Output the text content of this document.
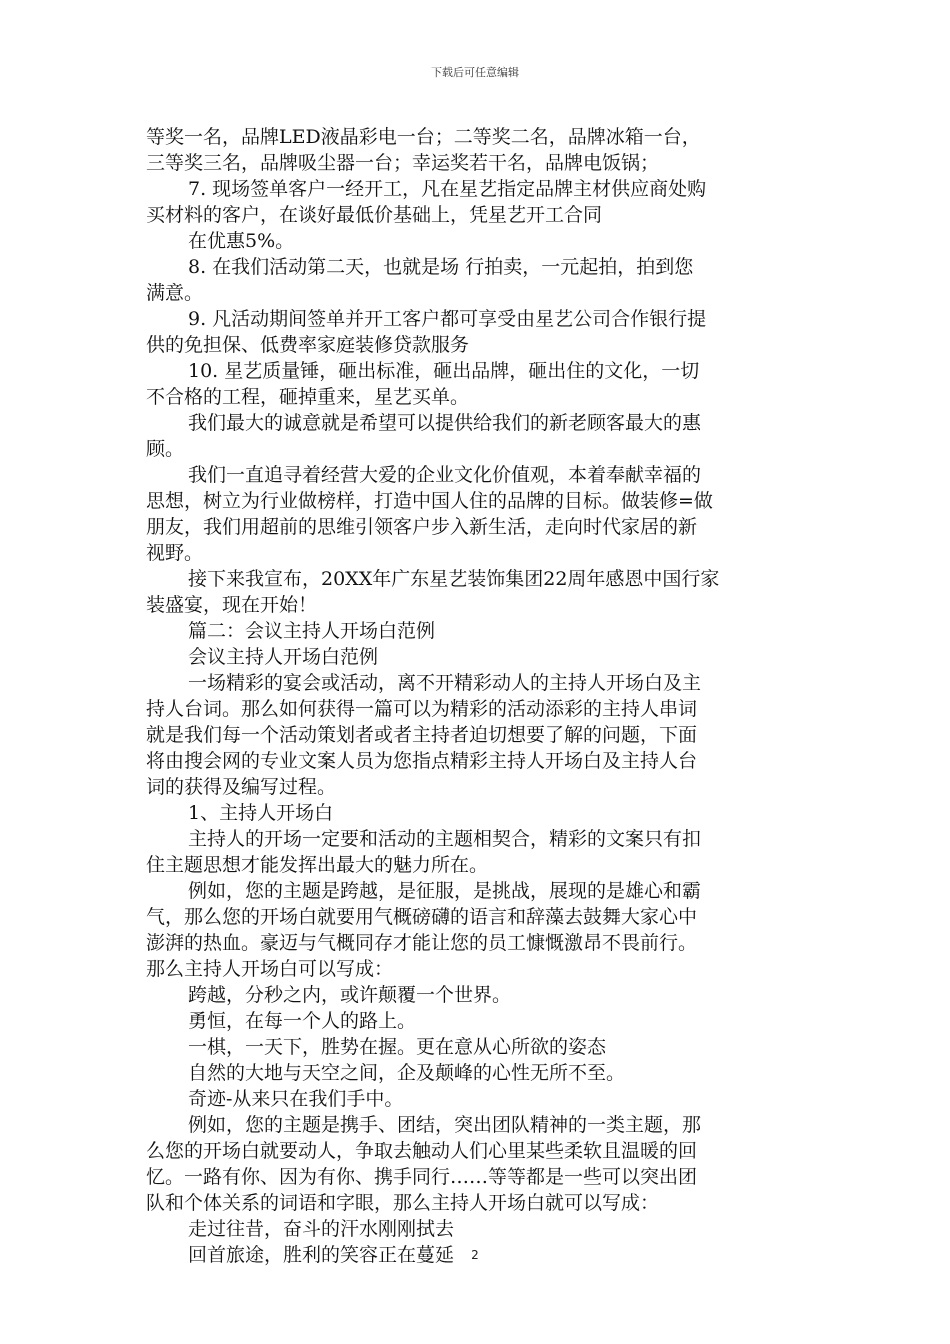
下载后可任意编辑

等奖一名，品牌LED液晶彩电一台；二等奖二名，品牌冰箱一台，

三等奖三名，品牌吸尘器一台；幸运奖若干名，品牌电饭锅；

7. 现场签单客户一经开工，凡在星艺指定品牌主材供应商处购

买材料的客户，在谈好最低价基础上，凭星艺开工合同

在优惠5%。

8. 在我们活动第二天，也就是场 行拍卖，一元起拍，拍到您

满意。

9. 凡活动期间签单并开工客户都可享受由星艺公司合作银行提

供的免担保、低费率家庭装修贷款服务

10. 星艺质量锤，砸出标准，砸出品牌，砸出住的文化，一切

不合格的工程，砸掉重来，星艺买单。

我们最大的诚意就是希望可以提供给我们的新老顾客最大的惠

顾。

我们一直追寻着经营大爱的企业文化价值观，本着奉献幸福的

思想，树立为行业做榜样，打造中国人住的品牌的目标。做装修=做

朋友，我们用超前的思维引领客户步入新生活，走向时代家居的新

视野。

接下来我宣布，20XX年广东星艺装饰集团22周年感恩中国行家

装盛宴，现在开始！

篇二：会议主持人开场白范例

会议主持人开场白范例

一场精彩的宴会或活动，离不开精彩动人的主持人开场白及主

持人台词。那么如何获得一篇可以为精彩的活动添彩的主持人串词

就是我们每一个活动策划者或者主持者迫切想要了解的问题，下面

将由搜会网的专业文案人员为您指点精彩主持人开场白及主持人台

词的获得及编写过程。

1、主持人开场白

主持人的开场一定要和活动的主题相契合，精彩的文案只有扣

住主题思想才能发挥出最大的魅力所在。

例如，您的主题是跨越，是征服，是挑战，展现的是雄心和霸

气，那么您的开场白就要用气概磅礴的语言和辞藻去鼓舞大家心中

澎湃的热血。豪迈与气概同存才能让您的员工慷慨激昂不畏前行。

那么主持人开场白可以写成：

跨越，分秒之内，或许颠覆一个世界。

勇恒，在每一个人的路上。

一棋，一天下，胜势在握。更在意从心所欲的姿态

自然的大地与天空之间，企及颠峰的心性无所不至。

奇迹-从来只在我们手中。

例如，您的主题是携手、团结，突出团队精神的一类主题，那

么您的开场白就要动人，争取去触动人们心里某些柔软且温暖的回

忆。一路有你、因为有你、携手同行……等等都是一些可以突出团

队和个体关系的词语和字眼，那么主持人开场白就可以写成：

走过往昔，奋斗的汗水刚刚拭去

回首旅途，胜利的笑容正在蔓延	2
